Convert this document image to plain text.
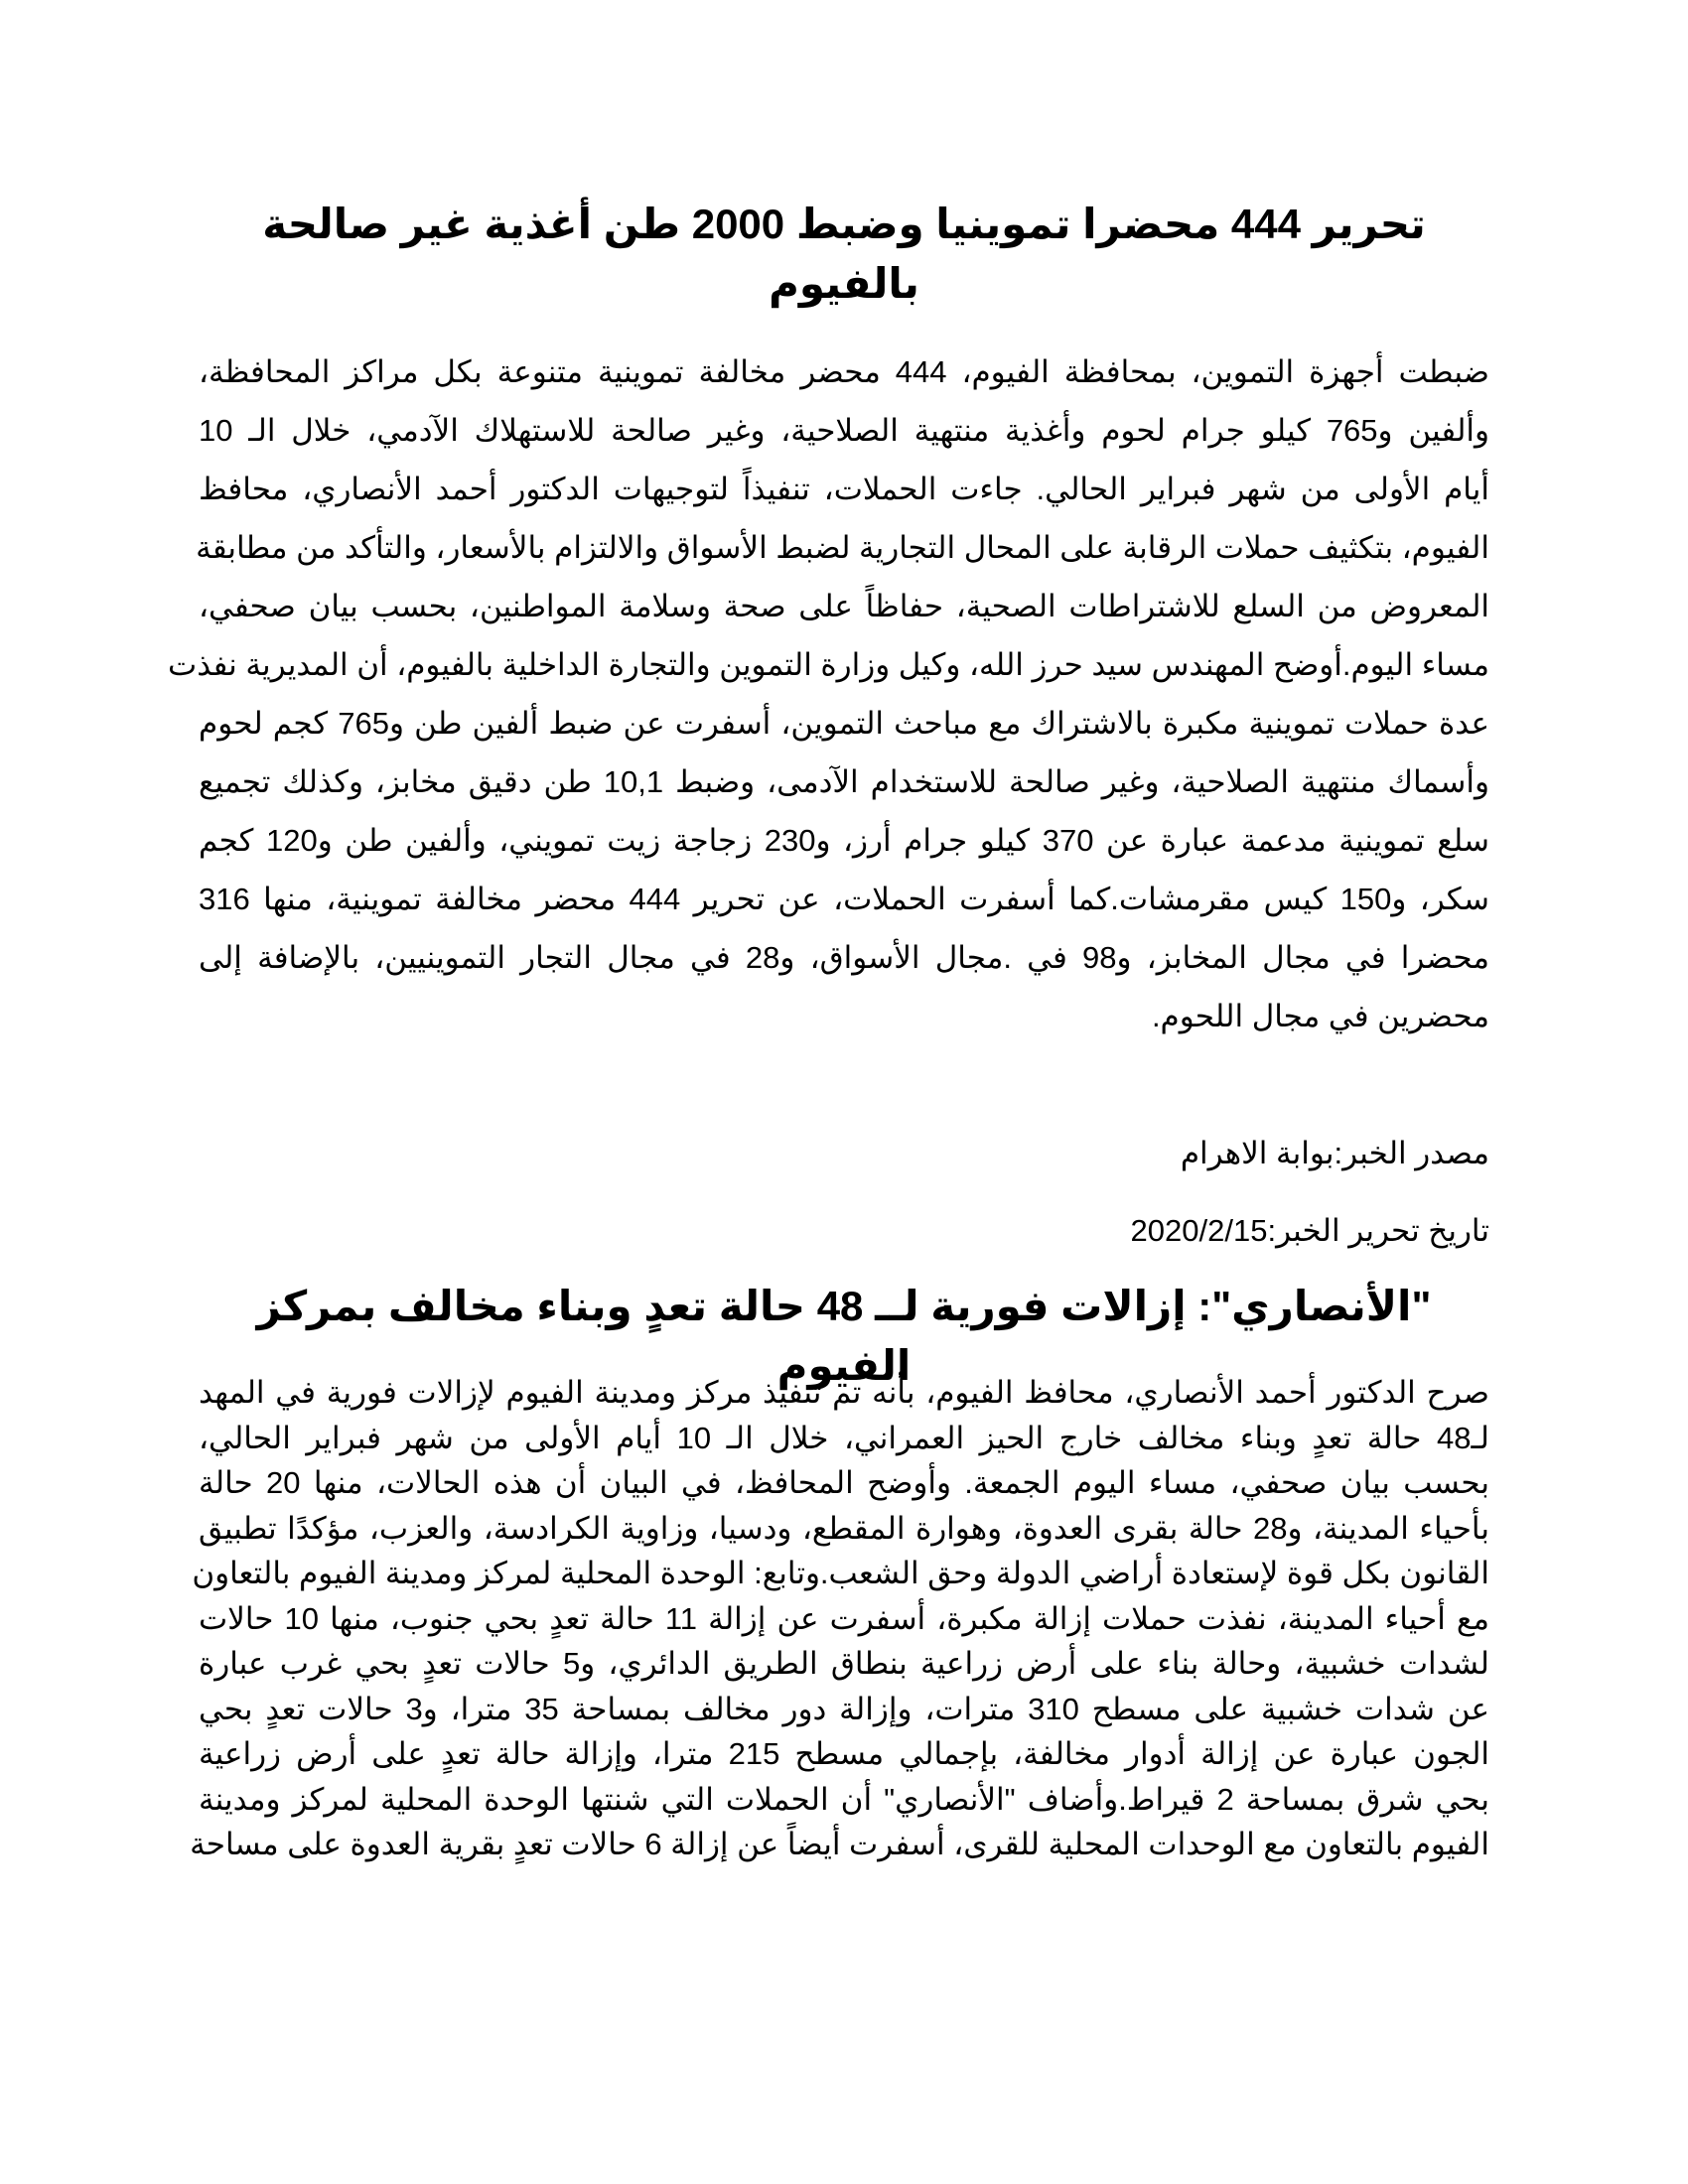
تحرير 444 محضرا تموينيا وضبط 2000 طن أغذية غير صالحة بالفيوم
ضبطت أجهزة التموين، بمحافظة الفيوم، 444 محضر مخالفة تموينية متنوعة بكل مراكز المحافظة،
وألفين و765 كيلو جرام لحوم وأغذية منتهية الصلاحية، وغير صالحة للاستهلاك الآدمي، خلال الـ 10
أيام الأولى من شهر فبراير الحالي. جاءت الحملات، تنفيذاً لتوجيهات الدكتور أحمد الأنصاري، محافظ
الفيوم، بتكثيف حملات الرقابة على المحال التجارية لضبط الأسواق والالتزام بالأسعار، والتأكد من مطابقة
المعروض من السلع للاشتراطات الصحية، حفاظاً على صحة وسلامة المواطنين، بحسب بيان صحفي،
مساء اليوم.أوضح المهندس سيد حرز الله، وكيل وزارة التموين والتجارة الداخلية بالفيوم، أن المديرية نفذت
عدة حملات تموينية مكبرة بالاشتراك مع مباحث التموين، أسفرت عن ضبط ألفين طن و765 كجم لحوم
وأسماك منتهية الصلاحية، وغير صالحة للاستخدام الآدمى، وضبط 10,1 طن دقيق مخابز، وكذلك تجميع
سلع تموينية مدعمة عبارة عن 370 كيلو جرام أرز، و230 زجاجة زيت تمويني، وألفين طن و120 كجم
سكر، و150 كيس مقرمشات.كما أسفرت الحملات، عن تحرير 444 محضر مخالفة تموينية، منها 316
محضرا في مجال المخابز، و98 في .مجال الأسواق، و28 في مجال التجار التموينيين، بالإضافة إلى
محضرين في مجال اللحوم.
مصدر الخبر:بوابة الاهرام
تاريخ تحرير الخبر:2020/2/15
"الأنصاري": إزالات فورية لــ 48 حالة تعدٍ وبناء مخالف بمركز الفيوم
صرح الدكتور أحمد الأنصاري، محافظ الفيوم، بأنه تم تنفيذ مركز ومدينة الفيوم لإزالات فورية في المهد
لـ48 حالة تعدٍ وبناء مخالف خارج الحيز العمراني، خلال الـ 10 أيام الأولى من شهر فبراير الحالي،
بحسب بيان صحفي، مساء اليوم الجمعة. وأوضح المحافظ، في البيان أن هذه الحالات، منها 20 حالة
بأحياء المدينة، و28 حالة بقرى العدوة، وهوارة المقطع، ودسيا، وزاوية الكرادسة، والعزب، مؤكدًا تطبيق
القانون بكل قوة لإستعادة أراضي الدولة وحق الشعب.وتابع: الوحدة المحلية لمركز ومدينة الفيوم بالتعاون
مع أحياء المدينة، نفذت حملات إزالة مكبرة، أسفرت عن إزالة 11 حالة تعدٍ بحي جنوب، منها 10 حالات
لشدات خشبية، وحالة بناء على أرض زراعية بنطاق الطريق الدائري، و5 حالات تعدٍ بحي غرب عبارة
عن شدات خشبية على مسطح 310 مترات، وإزالة دور مخالف بمساحة 35 مترا، و3 حالات تعدٍ بحي
الجون عبارة عن إزالة أدوار مخالفة، بإجمالي مسطح 215 مترا، وإزالة حالة تعدٍ على أرض زراعية
بحي شرق بمساحة 2 قيراط.وأضاف "الأنصاري" أن الحملات التي شنتها الوحدة المحلية لمركز ومدينة
الفيوم بالتعاون مع الوحدات المحلية للقرى، أسفرت أيضاً عن إزالة 6 حالات تعدٍ بقرية العدوة على مساحة
